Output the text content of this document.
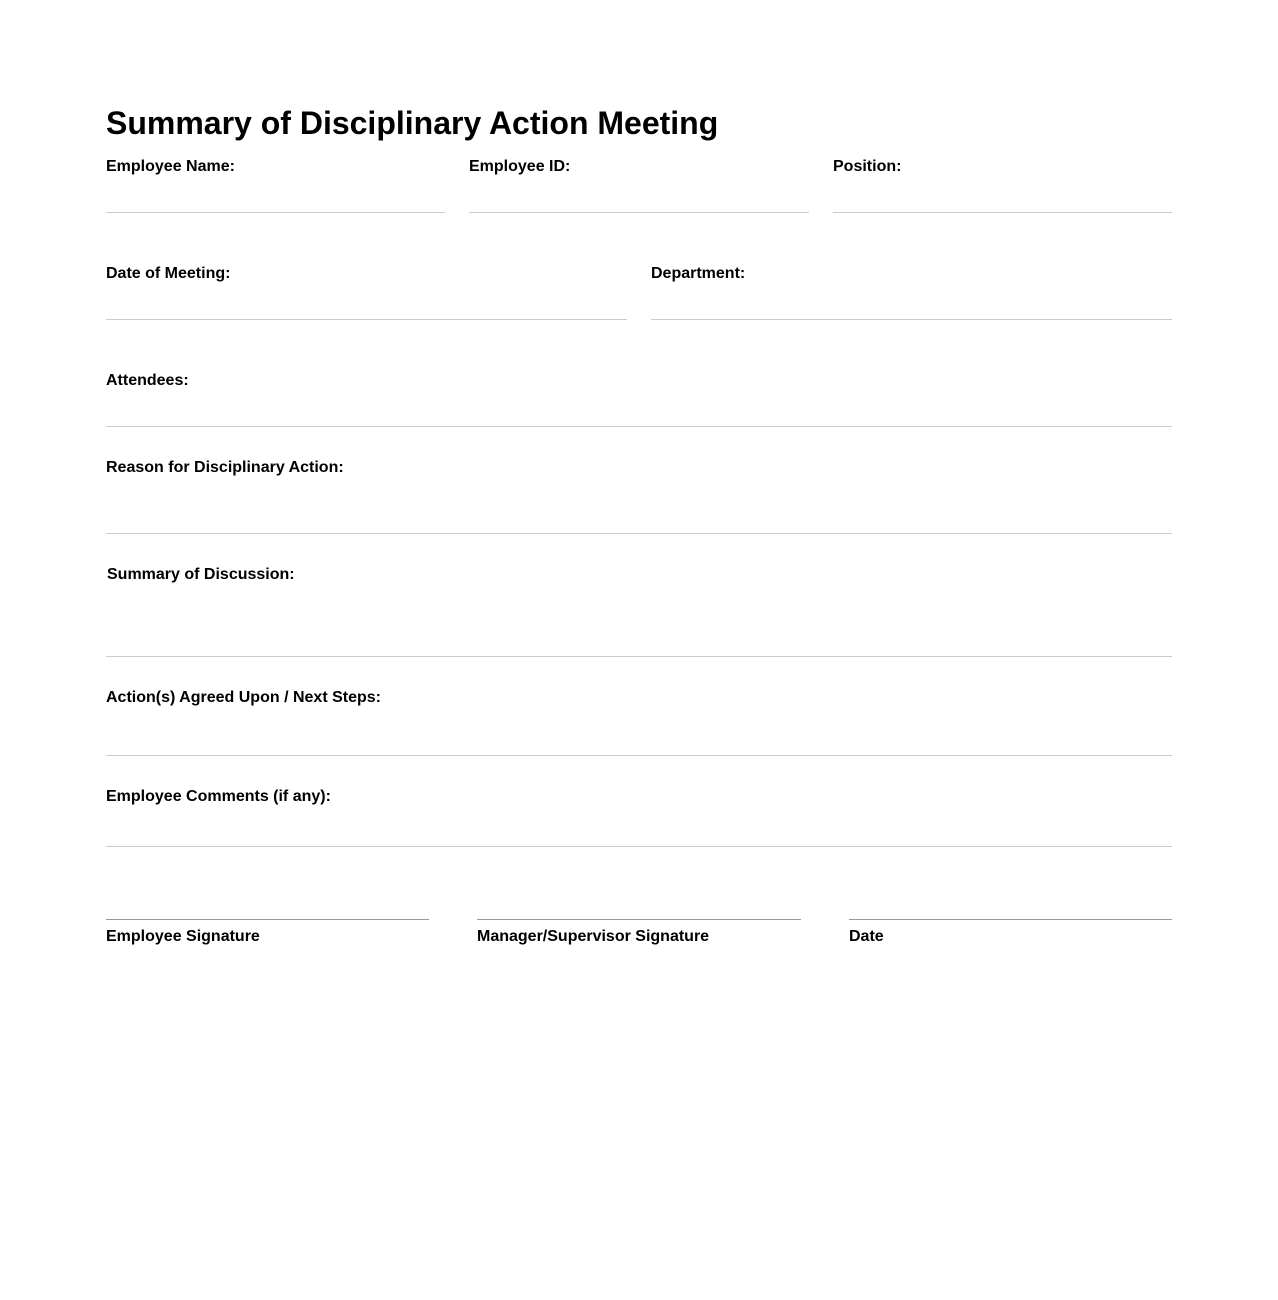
Summary of Disciplinary Action Meeting
Employee Name:	Employee ID:	Position:
Date of Meeting:	Department:
Attendees:
Reason for Disciplinary Action:
Summary of Discussion:
Action(s) Agreed Upon / Next Steps:
Employee Comments (if any):
Employee Signature	Manager/Supervisor Signature	Date
